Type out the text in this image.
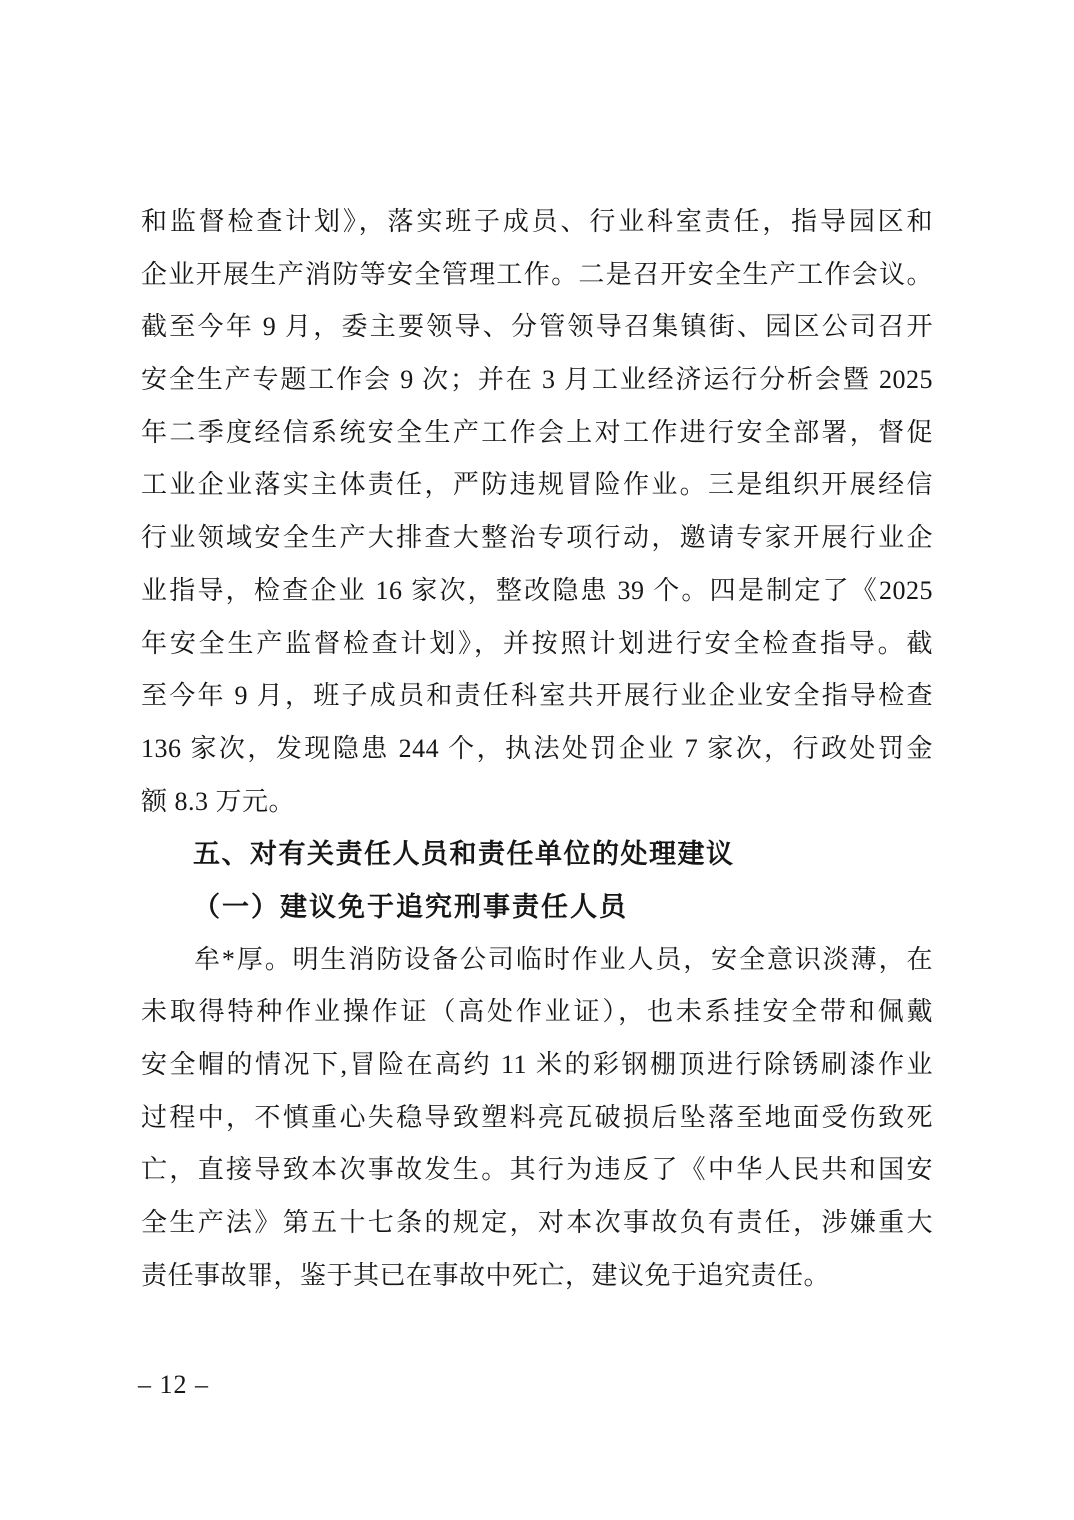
和监督检查计划》，落实班子成员、行业科室责任，指导园区和
企业开展生产消防等安全管理工作。二是召开安全生产工作会议。
截至今年 9 月，委主要领导、分管领导召集镇街、园区公司召开
安全生产专题工作会 9 次；并在 3 月工业经济运行分析会暨 2025
年二季度经信系统安全生产工作会上对工作进行安全部署，督促
工业企业落实主体责任，严防违规冒险作业。三是组织开展经信
行业领域安全生产大排查大整治专项行动，邀请专家开展行业企
业指导，检查企业 16 家次，整改隐患 39 个。四是制定了《2025
年安全生产监督检查计划》，并按照计划进行安全检查指导。截
至今年 9 月，班子成员和责任科室共开展行业企业安全指导检查
136 家次，发现隐患 244 个，执法处罚企业 7 家次，行政处罚金
额 8.3 万元。
五、对有关责任人员和责任单位的处理建议
（一）建议免于追究刑事责任人员
牟*厚。明生消防设备公司临时作业人员，安全意识淡薄，在
未取得特种作业操作证（高处作业证），也未系挂安全带和佩戴
安全帽的情况下,冒险在高约 11 米的彩钢棚顶进行除锈刷漆作业
过程中，不慎重心失稳导致塑料亮瓦破损后坠落至地面受伤致死
亡，直接导致本次事故发生。其行为违反了《中华人民共和国安
全生产法》第五十七条的规定，对本次事故负有责任，涉嫌重大
责任事故罪，鉴于其已在事故中死亡，建议免于追究责任。
– 12 –
